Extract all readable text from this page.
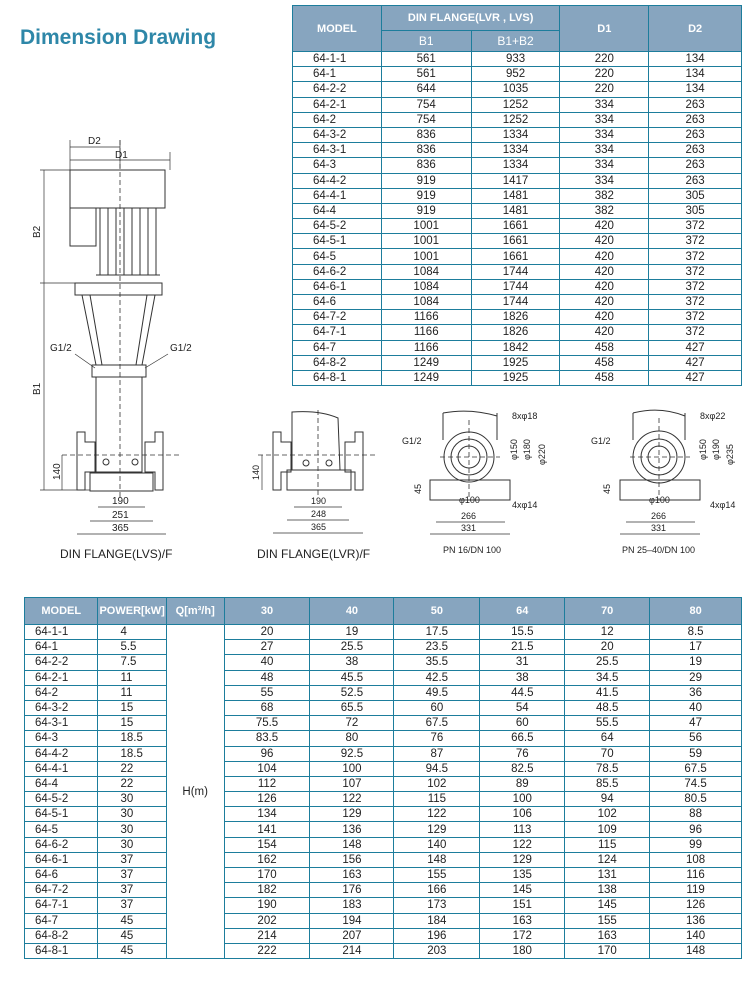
Dimension Drawing
D2
D1
B2
B1
G1/2	G1/2
140
190
251
365
DIN FLANGE(LVS)/F
140
190
248
365
DIN FLANGE(LVR)/F
G1/2
8xφ18
φ150 φ180 φ220
45
φ100	4xφ14
266
331
PN 16/DN 100
G1/2
8xφ22
φ150 φ190 φ235
45
φ100	4xφ14
266
331
PN 25–40/DN 100
MODEL	DIN FLANGE(LVR , LVS)		D1	D2
	B1	B1+B2		
64-1-1	561	933	220	134
64-1	561	952	220	134
64-2-2	644	1035	220	134
64-2-1	754	1252	334	263
64-2	754	1252	334	263
64-3-2	836	1334	334	263
64-3-1	836	1334	334	263
64-3	836	1334	334	263
64-4-2	919	1417	334	263
64-4-1	919	1481	382	305
64-4	919	1481	382	305
64-5-2	1001	1661	420	372
64-5-1	1001	1661	420	372
64-5	1001	1661	420	372
64-6-2	1084	1744	420	372
64-6-1	1084	1744	420	372
64-6	1084	1744	420	372
64-7-2	1166	1826	420	372
64-7-1	1166	1826	420	372
64-7	1166	1842	458	427
64-8-2	1249	1925	458	427
64-8-1	1249	1925	458	427
MODEL	POWER[kW]	Q[m³/h]	30	40	50	64	70	80
64-1-1	4	H(m)	20	19	17.5	15.5	12	8.5
64-1	5.5		27	25.5	23.5	21.5	20	17
64-2-2	7.5		40	38	35.5	31	25.5	19
64-2-1	11		48	45.5	42.5	38	34.5	29
64-2	11		55	52.5	49.5	44.5	41.5	36
64-3-2	15		68	65.5	60	54	48.5	40
64-3-1	15		75.5	72	67.5	60	55.5	47
64-3	18.5		83.5	80	76	66.5	64	56
64-4-2	18.5		96	92.5	87	76	70	59
64-4-1	22		104	100	94.5	82.5	78.5	67.5
64-4	22		112	107	102	89	85.5	74.5
64-5-2	30		126	122	115	100	94	80.5
64-5-1	30		134	129	122	106	102	88
64-5	30		141	136	129	113	109	96
64-6-2	30		154	148	140	122	115	99
64-6-1	37		162	156	148	129	124	108
64-6	37		170	163	155	135	131	116
64-7-2	37		182	176	166	145	138	119
64-7-1	37		190	183	173	151	145	126
64-7	45		202	194	184	163	155	136
64-8-2	45		214	207	196	172	163	140
64-8-1	45		222	214	203	180	170	148
